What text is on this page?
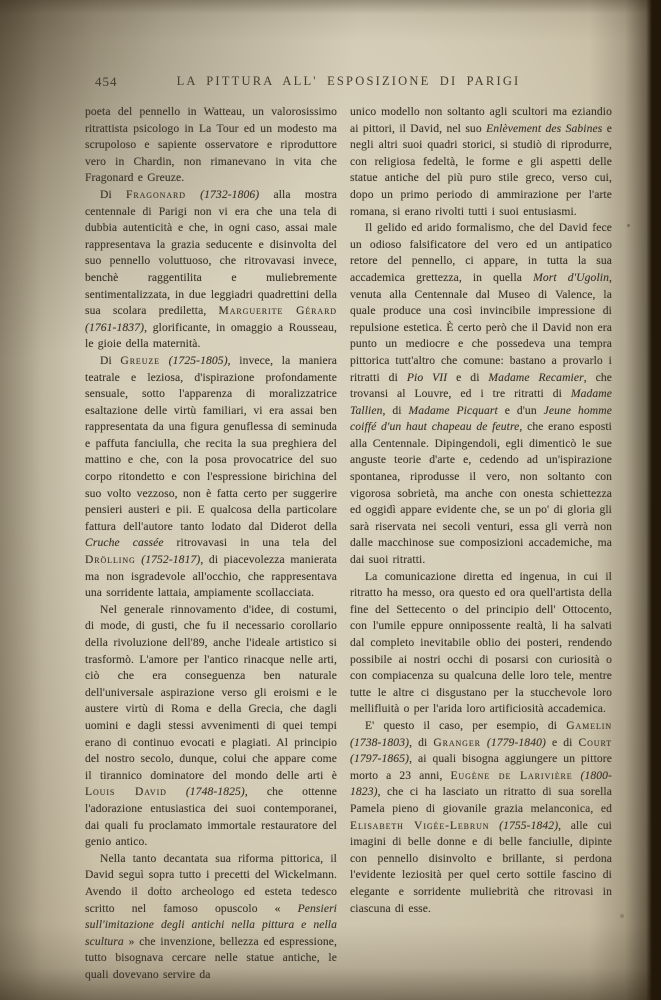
454	LA PITTURA ALL' ESPOSIZIONE DI PARIGI

poeta del pennello in Watteau, un valorosissimo ritrattista psicologo in La Tour ed un modesto ma scrupoloso e sapiente osservatore e riproduttore vero in Chardin, non rimanevano in vita che Fragonard e Greuze.

Di Fragonard (1732-1806) alla mostra centennale di Parigi non vi era che una tela di dubbia autenticità e che, in ogni caso, assai male rappresentava la grazia seducente e disinvolta del suo pennello voluttuoso, che ritrovavasi invece, benchè raggentilita e muliebremente sentimentalizzata, in due leggiadri quadrettini della sua scolara prediletta, Marguerite Gérard (1761-1837), glorificante, in omaggio a Rousseau, le gioie della maternità.

Di Greuze (1725-1805), invece, la maniera teatrale e leziosa, d'ispirazione profondamente sensuale, sotto l'apparenza di moralizzatrice esaltazione delle virtù familiari, vi era assai ben rappresentata da una figura genuflessa di seminuda e paffuta fanciulla, che recita la sua preghiera del mattino e che, con la posa provocatrice del suo corpo ritondetto e con l'espressione birichina del suo volto vezzoso, non è fatta certo per suggerire pensieri austeri e pii. E qualcosa della particolare fattura dell'autore tanto lodato dal Diderot della Cruche cassée ritrovavasi in una tela del Drölling (1752-1817), di piacevolezza manierata ma non isgradevole all'occhio, che rappresentava una sorridente lattaia, ampiamente scollacciata.

Nel generale rinnovamento d'idee, di costumi, di mode, di gusti, che fu il necessario corollario della rivoluzione dell'89, anche l'ideale artistico si trasformò. L'amore per l'antico rinacque nelle arti, ciò che era conseguenza ben naturale dell'universale aspirazione verso gli eroismi e le austere virtù di Roma e della Grecia, che dagli uomini e dagli stessi avvenimenti di quei tempi erano di continuo evocati e plagiati. Al principio del nostro secolo, dunque, colui che appare come il tirannico dominatore del mondo delle arti è Louis David (1748-1825), che ottenne l'adorazione entusiastica dei suoi contemporanei, dai quali fu proclamato immortale restauratore del genio antico.

Nella tanto decantata sua riforma pittorica, il David seguì sopra tutto i precetti del Wickelmann. Avendo il dotto archeologo ed esteta tedesco scritto nel famoso opuscolo « Pensieri sull'imitazione degli antichi nella pittura e nella scultura » che invenzione, bellezza ed espressione, tutto bisognava cercare nelle statue antiche, le quali dovevano servire da

unico modello non soltanto agli scultori ma eziandio ai pittori, il David, nel suo Enlèvement des Sabines e negli altri suoi quadri storici, si studiò di riprodurre, con religiosa fedeltà, le forme e gli aspetti delle statue antiche del più puro stile greco, verso cui, dopo un primo periodo di ammirazione per l'arte romana, si erano rivolti tutti i suoi entusiasmi.

Il gelido ed arido formalismo, che del David fece un odioso falsificatore del vero ed un antipatico retore del pennello, ci appare, in tutta la sua accademica grettezza, in quella Mort d'Ugolin, venuta alla Centennale dal Museo di Valence, la quale produce una così invincibile impressione di repulsione estetica. È certo però che il David non era punto un mediocre e che possedeva una tempra pittorica tutt'altro che comune: bastano a provarlo i ritratti di Pio VII e di Madame Recamier, che trovansi al Louvre, ed i tre ritratti di Madame Tallien, di Madame Picquart e d'un Jeune homme coiffé d'un haut chapeau de feutre, che erano esposti alla Centennale. Dipingendoli, egli dimenticò le sue anguste teorie d'arte e, cedendo ad un'ispirazione spontanea, riprodusse il vero, non soltanto con vigorosa sobrietà, ma anche con onesta schiettezza ed oggidì appare evidente che, se un po' di gloria gli sarà riservata nei secoli venturi, essa gli verrà non dalle macchinose sue composizioni accademiche, ma dai suoi ritratti.

La comunicazione diretta ed ingenua, in cui il ritratto ha messo, ora questo ed ora quell'artista della fine del Settecento o del principio dell' Ottocento, con l'umile eppure onnipossente realtà, li ha salvati dal completo inevitabile oblio dei posteri, rendendo possibile ai nostri occhi di posarsi con curiosità o con compiacenza su qualcuna delle loro tele, mentre tutte le altre ci disgustano per la stucchevole loro mellifluità o per l'arida loro artificiosità accademica.

E' questo il caso, per esempio, di Gamelin (1738-1803), di Granger (1779-1840) e di Court (1797-1865), ai quali bisogna aggiungere un pittore morto a 23 anni, Eugène de Larivière (1800-1823), che ci ha lasciato un ritratto di sua sorella Pamela pieno di giovanile grazia melanconica, ed Elisabeth Vigée-Lebrun (1755-1842), alle cui imagini di belle donne e di belle fanciulle, dipinte con pennello disinvolto e brillante, si perdona l'evidente leziosità per quel certo sottile fascino di elegante e sorridente muliebrità che ritrovasi in ciascuna di esse.
